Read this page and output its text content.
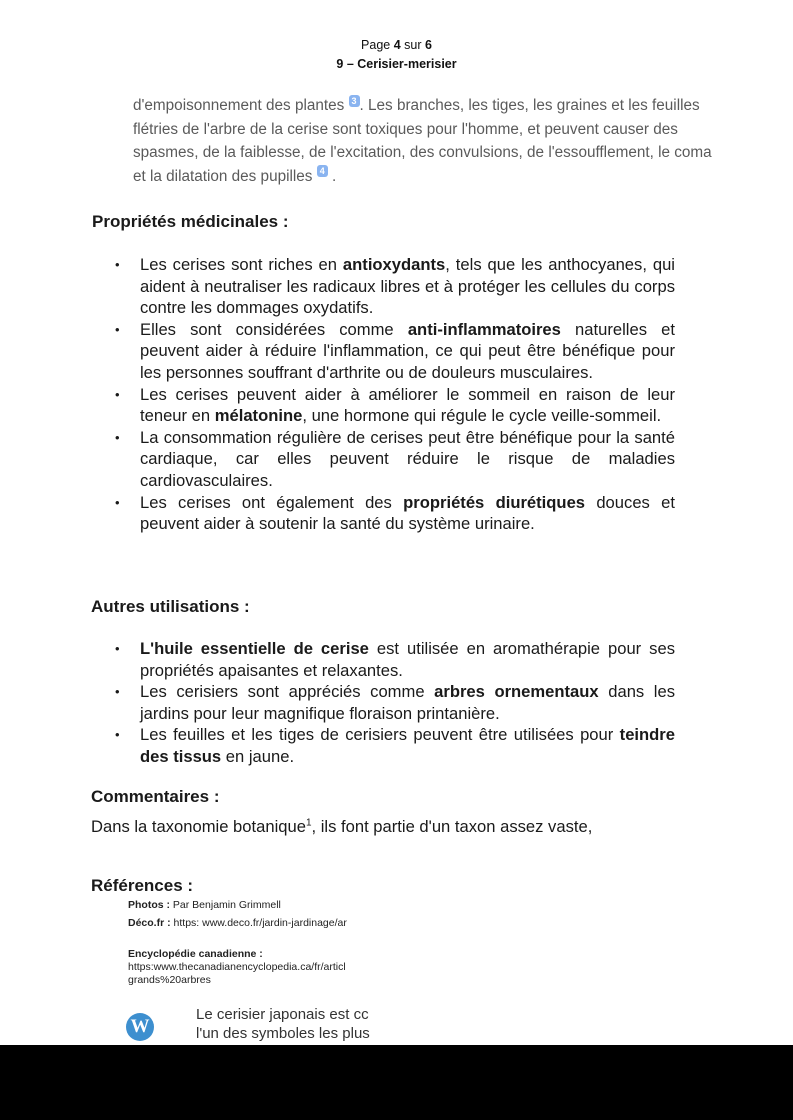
Page 4 sur 6
9 – Cerisier-merisier
d'empoisonnement des plantes 3 . Les branches, les tiges, les graines et les feuilles flétries de l'arbre de la cerise sont toxiques pour l'homme, et peuvent causer des spasmes, de la faiblesse, de l'excitation, des convulsions, de l'essoufflement, le coma et la dilatation des pupilles 4 .
Propriétés médicinales :
• Les cerises sont riches en antioxydants, tels que les anthocyanes, qui aident à neutraliser les radicaux libres et à protéger les cellules du corps contre les dommages oxydatifs.
• Elles sont considérées comme anti-inflammatoires naturelles et peuvent aider à réduire l'inflammation, ce qui peut être bénéfique pour les personnes souffrant d'arthrite ou de douleurs musculaires.
• Les cerises peuvent aider à améliorer le sommeil en raison de leur teneur en mélatonine, une hormone qui régule le cycle veille-sommeil.
• La consommation régulière de cerises peut être bénéfique pour la santé cardiaque, car elles peuvent réduire le risque de maladies cardiovasculaires.
• Les cerises ont également des propriétés diurétiques douces et peuvent aider à soutenir la santé du système urinaire.
Autres utilisations :
• L'huile essentielle de cerise est utilisée en aromathérapie pour ses propriétés apaisantes et relaxantes.
• Les cerisiers sont appréciés comme arbres ornementaux dans les jardins pour leur magnifique floraison printanière.
• Les feuilles et les tiges de cerisiers peuvent être utilisées pour teindre des tissus en jaune.
Commentaires :
Dans la taxonomie botanique$^1$, ils font partie d'un taxon assez vaste,
Références :
Photos : Par Benjamin Grimmell
Déco.fr : https: www.deco.fr/jardin-jardinage/ar
Encyclopédie canadienne :
https:www.thecanadianencyclopedia.ca/fr/articl
grands%20arbres
W
Le cerisier japonais est cc
l'un des symboles les plus
